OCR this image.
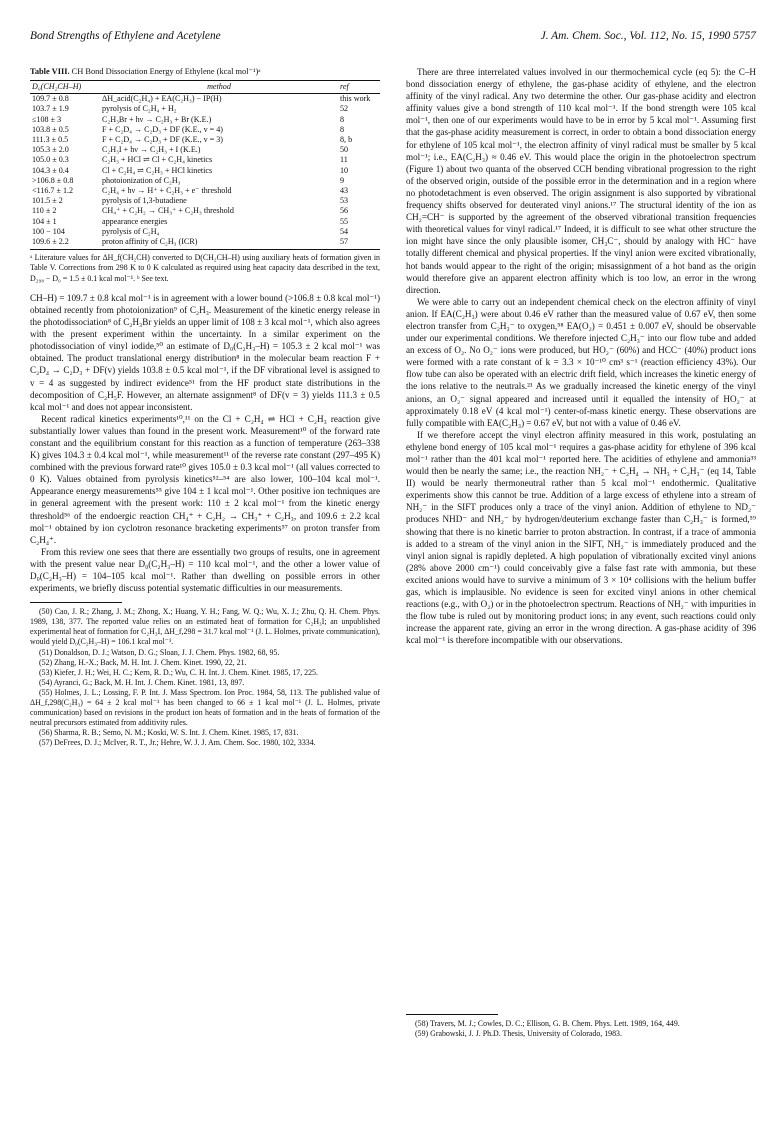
Bond Strengths of Ethylene and Acetylene	J. Am. Chem. Soc., Vol. 112, No. 15, 1990 5757
Table VIII. CH Bond Dissociation Energy of Ethylene (kcal mol⁻¹)ᵃ
D₀(CH₂CH–H)	method	ref
109.7 ± 0.8	ΔH_acid(C₂H₄) + EA(C₂H₃) − IP(H)	this work
103.7 ± 1.9	pyrolysis of C₂H₄ + H₂	52
≤108 ± 3	C₂H₃Br + hν → C₂H₃ + Br (K.E.)	8
103.8 ± 0.5	F + C₂D₄ → C₂D₃ + DF (K.E., v = 4)	8
111.3 ± 0.5	F + C₂D₄ → C₂D₃ + DF (K.E., v = 3)	8, b
105.3 ± 2.0	C₂H₃I + hν → C₂H₃ + I (K.E.)	50
105.0 ± 0.3	C₂H₃ + HCl ⇌ Cl + C₂H₄ kinetics	11
104.3 ± 0.4	Cl + C₂H₄ ⇌ C₂H₃ + HCl kinetics	10
>106.8 ± 0.8	photoionization of C₂H₃	9
<116.7 ± 1.2	C₂H₄ + hν → H⁺ + C₂H₃ + e⁻ threshold	43
101.5 ± 2	pyrolysis of 1,3-butadiene	53
110 ± 2	CH₄⁺ + C₂H₂ → CH₃⁺ + C₂H₃ threshold	56
104 ± 1	appearance energies	55
100 − 104	pyrolysis of C₂H₄	54
109.6 ± 2.2	proton affinity of C₂H₃ (ICR)	57
ᵃ Literature values for ΔH_f(CH₂CH) converted to D(CH₂CH–H) using auxiliary heats of formation given in Table V. Corrections from 298 K to 0 K calculated as required using heat capacity data described in the text, D₂₉₈ − D₀ = 1.5 ± 0.1 kcal mol⁻¹. ᵇ See text.

CH–H) = 109.7 ± 0.8 kcal mol⁻¹ is in agreement with a lower bound (>106.8 ± 0.8 kcal mol⁻¹) obtained recently from photoionization⁹ of C₂H₃. Measurement of the kinetic energy release in the photodissociation⁸ of C₂H₃Br yields an upper limit of 108 ± 3 kcal mol⁻¹, which also agrees with the present experiment within the uncertainty. In a similar experiment on the photodissociation of vinyl iodide,⁵⁰ an estimate of D₀(C₂H₃–H) = 105.3 ± 2 kcal mol⁻¹ was obtained. The product translational energy distribution⁸ in the molecular beam reaction F + C₂D₄ → C₂D₃ + DF(v) yields 103.8 ± 0.5 kcal mol⁻¹, if the DF vibrational level is assigned to v = 4 as suggested by indirect evidence⁵¹ from the HF product state distributions in the decomposition of C₂H₅F. However, an alternate assignment⁸ of DF(v = 3) yields 111.3 ± 0.5 kcal mol⁻¹ and does not appear inconsistent.

Recent radical kinetics experiments¹⁰,¹¹ on the Cl + C₂H₄ ⇌ HCl + C₂H₃ reaction give substantially lower values than found in the present work. Measurement¹⁰ of the forward rate constant and the equilibrium constant for this reaction as a function of temperature (263–338 K) gives 104.3 ± 0.4 kcal mol⁻¹, while measurement¹¹ of the reverse rate constant (297–495 K) combined with the previous forward rate¹⁰ gives 105.0 ± 0.3 kcal mol⁻¹ (all values corrected to 0 K). Values obtained from pyrolysis kinetics⁵²–⁵⁴ are also lower, 100–104 kcal mol⁻¹. Appearance energy measurements⁵⁵ give 104 ± 1 kcal mol⁻¹. Other positive ion techniques are in general agreement with the present work: 110 ± 2 kcal mol⁻¹ from the kinetic energy threshold⁵⁶ of the endoergic reaction CH₄⁺ + C₂H₂ → CH₃⁺ + C₂H₃, and 109.6 ± 2.2 kcal mol⁻¹ obtained by ion cyclotron resonance bracketing experiments⁵⁷ on proton transfer from C₂H₄⁺.

From this review one sees that there are essentially two groups of results, one in agreement with the present value near D₀(C₂H₃–H) = 110 kcal mol⁻¹, and the other a lower value of D₀(C₂H₃–H) = 104–105 kcal mol⁻¹. Rather than dwelling on possible errors in other experiments, we briefly discuss potential systematic difficulties in our measurements.

(50) Cao, J. R.; Zhang, J. M.; Zhong, X.; Huang, Y. H.; Fang, W. Q.; Wu, X. J.; Zhu, Q. H. Chem. Phys. 1989, 138, 377. The reported value relies on an estimated heat of formation for C₂H₃I; an unpublished experimental heat of formation for C₂H₃I, ΔH_f,298 = 31.7 kcal mol⁻¹ (J. L. Holmes, private communication), would yield D₀(C₂H₃–H) = 106.1 kcal mol⁻¹.

(51) Donaldson, D. J.; Watson, D. G.; Sloan, J. J. Chem. Phys. 1982, 68, 95.

(52) Zhang, H.-X.; Back, M. H. Int. J. Chem. Kinet. 1990, 22, 21.

(53) Kiefer, J. H.; Wei, H. C.; Kern, R. D.; Wu, C. H. Int. J. Chem. Kinet. 1985, 17, 225.

(54) Ayranci, G.; Back, M. H. Int. J. Chem. Kinet. 1981, 13, 897.

(55) Holmes, J. L.; Lossing, F. P. Int. J. Mass Spectrom. Ion Proc. 1984, 58, 113. The published value of ΔH_f,298(C₂H₃) = 64 ± 2 kcal mol⁻¹ has been changed to 66 ± 1 kcal mol⁻¹ (J. L. Holmes, private communication) based on revisions in the product ion heats of formation and in the heats of formation of the neutral precursors estimated from additivity rules.

(56) Sharma, R. B.; Semo, N. M.; Koski, W. S. Int. J. Chem. Kinet. 1985, 17, 831.

(57) DeFrees, D. J.; McIver, R. T., Jr.; Hehre, W. J. J. Am. Chem. Soc. 1980, 102, 3334.

There are three interrelated values involved in our thermochemical cycle (eq 5): the C–H bond dissociation energy of ethylene, the gas-phase acidity of ethylene, and the electron affinity of the vinyl radical. Any two determine the other. Our gas-phase acidity and electron affinity values give a bond strength of 110 kcal mol⁻¹. If the bond strength were 105 kcal mol⁻¹, then one of our experiments would have to be in error by 5 kcal mol⁻¹. Assuming first that the gas-phase acidity measurement is correct, in order to obtain a bond dissociation energy for ethylene of 105 kcal mol⁻¹, the electron affinity of vinyl radical must be smaller by 5 kcal mol⁻¹; i.e., EA(C₂H₃) ≈ 0.46 eV. This would place the origin in the photoelectron spectrum (Figure 1) about two quanta of the observed CCH bending vibrational progression to the right of the observed origin, outside of the possible error in the determination and in a region where no photodetachment is even observed. The origin assignment is also supported by vibrational frequency shifts observed for deuterated vinyl anions.¹⁷ The structural identity of the ion as CH₂=CH⁻ is supported by the agreement of the observed vibrational transition frequencies with theoretical values for vinyl radical.¹⁷ Indeed, it is difficult to see what other structure the ion might have since the only plausible isomer, CH₃C⁻, should by analogy with HC⁻ have totally different chemical and physical properties. If the vinyl anion were excited vibrationally, hot bands would appear to the right of the origin; misassignment of a hot band as the origin would therefore give an apparent electron affinity which is too low, an error in the wrong direction.

We were able to carry out an independent chemical check on the electron affinity of vinyl anion. If EA(C₂H₃) were about 0.46 eV rather than the measured value of 0.67 eV, then some electron transfer from C₂H₃⁻ to oxygen,⁵⁸ EA(O₂) = 0.451 ± 0.007 eV, should be observable under our experimental conditions. We therefore injected C₂H₃⁻ into our flow tube and added an excess of O₂. No O₂⁻ ions were produced, but HO₂⁻ (60%) and HCC⁻ (40%) product ions were formed with a rate constant of k = 3.3 × 10⁻¹⁰ cm³ s⁻¹ (reaction efficiency 43%). Our flow tube can also be operated with an electric drift field, which increases the kinetic energy of the ions relative to the neutrals.²¹ As we gradually increased the kinetic energy of the vinyl anions, an O₂⁻ signal appeared and increased until it equalled the intensity of HO₂⁻ at approximately 0.18 eV (4 kcal mol⁻¹) center-of-mass kinetic energy. These observations are fully compatible with EA(C₂H₃) = 0.67 eV, but not with a value of 0.46 eV.

If we therefore accept the vinyl electron affinity measured in this work, postulating an ethylene bond energy of 105 kcal mol⁻¹ requires a gas-phase acidity for ethylene of 396 kcal mol⁻¹ rather than the 401 kcal mol⁻¹ reported here. The acidities of ethylene and ammonia³³ would then be nearly the same; i.e., the reaction NH₂⁻ + C₂H₄ → NH₃ + C₂H₃⁻ (eq 14, Table II) would be nearly thermoneutral rather than 5 kcal mol⁻¹ endothermic. Qualitative experiments show this cannot be true. Addition of a large excess of ethylene into a stream of NH₂⁻ in the SIFT produces only a trace of the vinyl anion. Addition of ethylene to ND₂⁻ produces NHD⁻ and NH₂⁻ by hydrogen/deuterium exchange faster than C₂H₃⁻ is formed,⁵⁹ showing that there is no kinetic barrier to proton abstraction. In contrast, if a trace of ammonia is added to a stream of the vinyl anion in the SIFT, NH₂⁻ is immediately produced and the vinyl anion signal is rapidly depleted. A high population of vibrationally excited vinyl anions (28% above 2000 cm⁻¹) could conceivably give a false fast rate with ammonia, but these excited anions would have to survive a minimum of 3 × 10⁴ collisions with the helium buffer gas, which is implausible. No evidence is seen for excited vinyl anions in other chemical reactions (e.g., with O₂) or in the photoelectron spectrum. Reactions of NH₂⁻ with impurities in the flow tube is ruled out by monitoring product ions; in any event, such reactions could only increase the apparent rate, giving an error in the wrong direction. A gas-phase acidity of 396 kcal mol⁻¹ is therefore incompatible with our observations.

(58) Travers, M. J.; Cowles, D. C.; Ellison, G. B. Chem. Phys. Lett. 1989, 164, 449.

(59) Grabowski, J. J. Ph.D. Thesis, University of Colorado, 1983.
